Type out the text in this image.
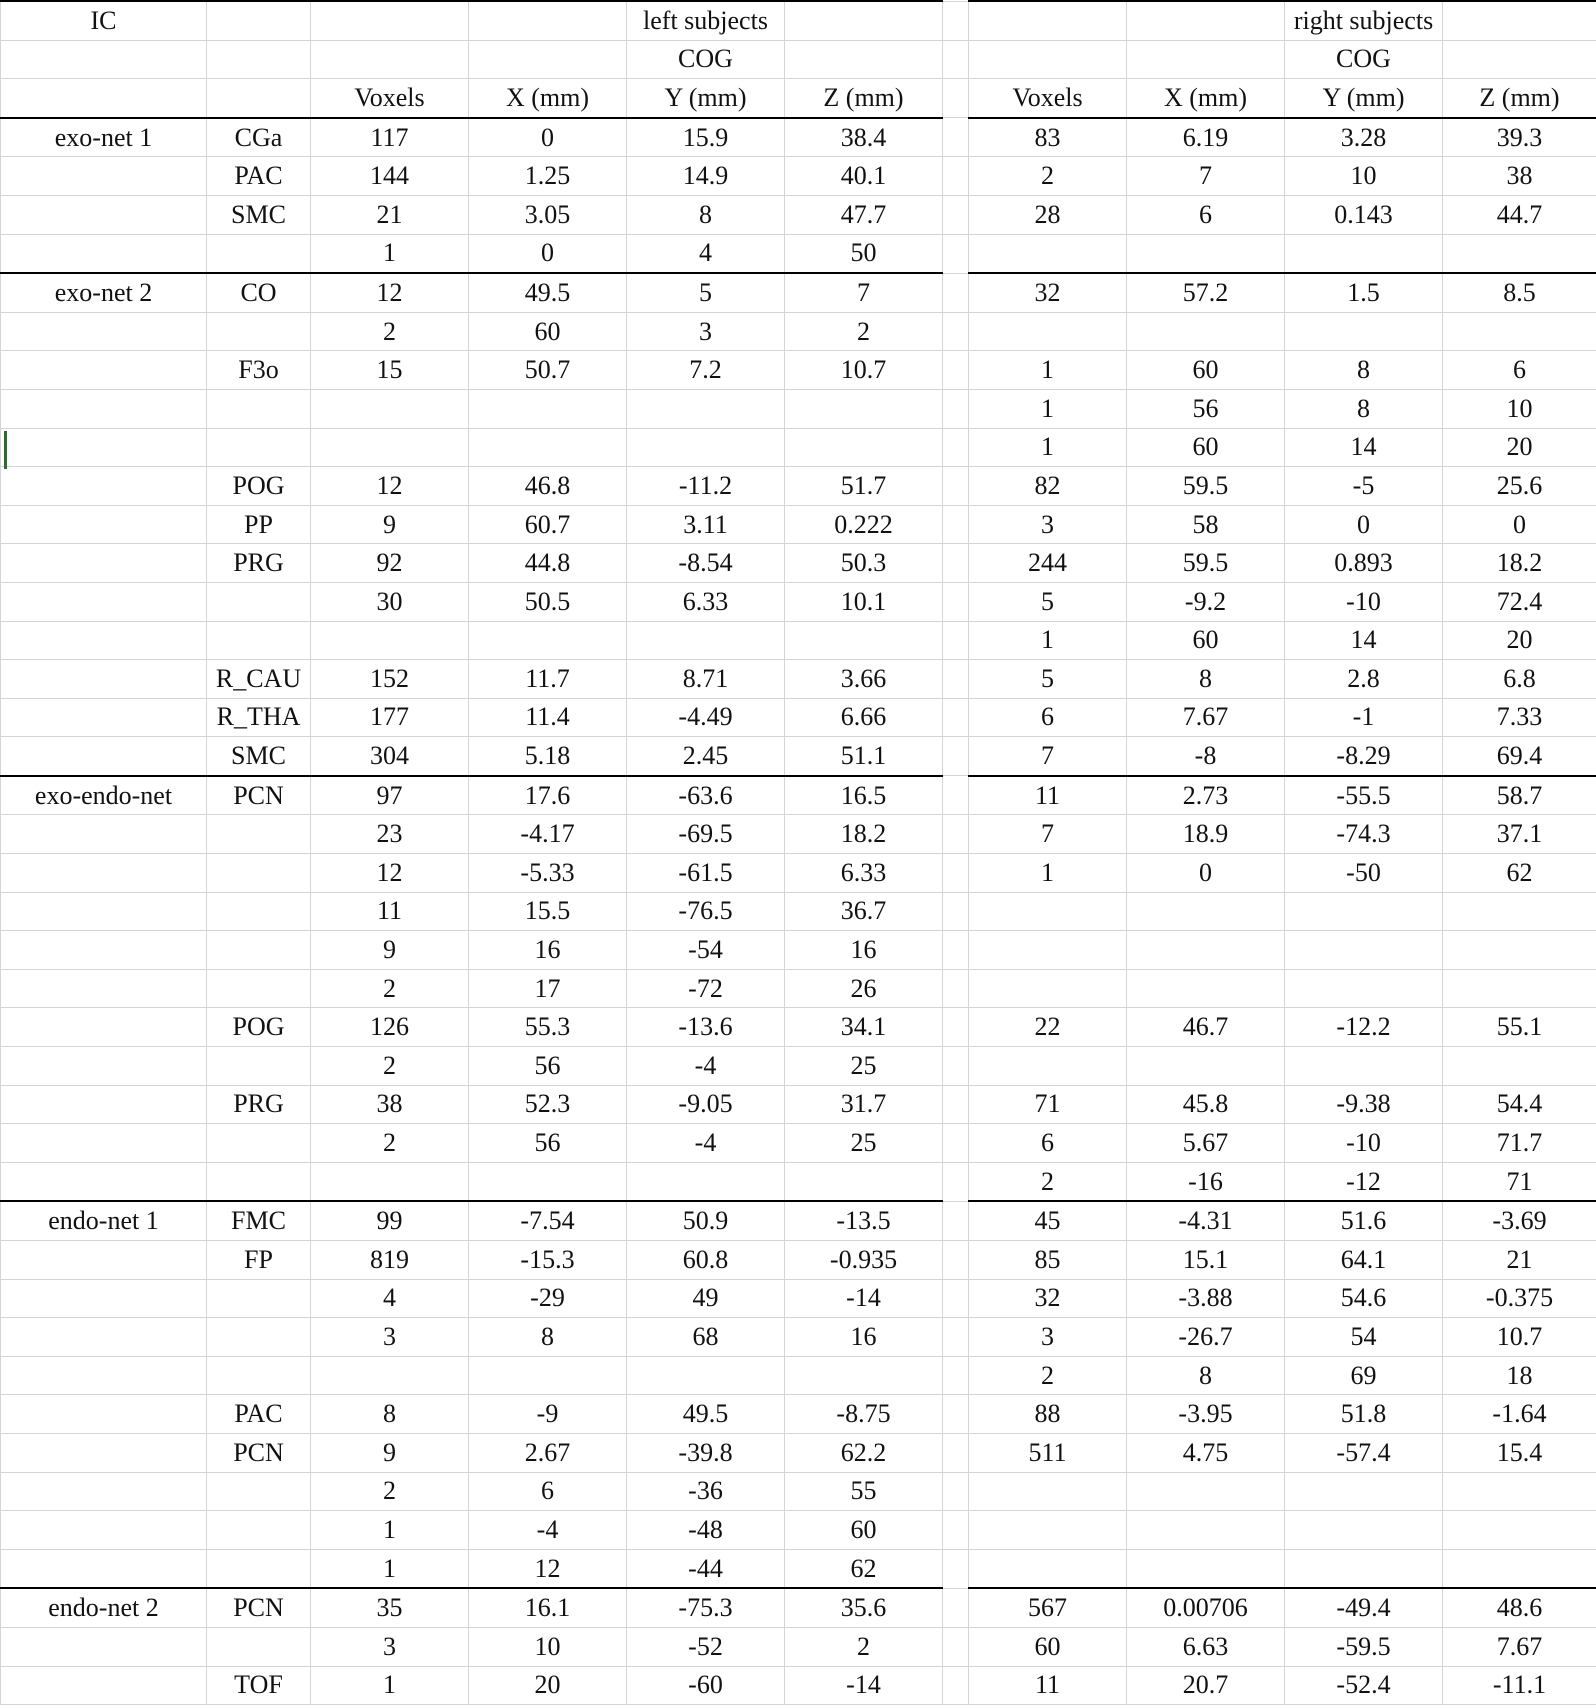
IC				left subjects					right subjects	
				COG					COG	
		Voxels	X (mm)	Y (mm)	Z (mm)		Voxels	X (mm)	Y (mm)	Z (mm)
exo-net 1	CGa	117	0	15.9	38.4		83	6.19	3.28	39.3
	PAC	144	1.25	14.9	40.1		2	7	10	38
	SMC	21	3.05	8	47.7		28	6	0.143	44.7
		1	0	4	50					
exo-net 2	CO	12	49.5	5	7		32	57.2	1.5	8.5
		2	60	3	2					
	F3o	15	50.7	7.2	10.7		1	60	8	6
							1	56	8	10
							1	60	14	20
	POG	12	46.8	-11.2	51.7		82	59.5	-5	25.6
	PP	9	60.7	3.11	0.222		3	58	0	0
	PRG	92	44.8	-8.54	50.3		244	59.5	0.893	18.2
		30	50.5	6.33	10.1		5	-9.2	-10	72.4
							1	60	14	20
	R_CAU	152	11.7	8.71	3.66		5	8	2.8	6.8
	R_THA	177	11.4	-4.49	6.66		6	7.67	-1	7.33
	SMC	304	5.18	2.45	51.1		7	-8	-8.29	69.4
exo-endo-net	PCN	97	17.6	-63.6	16.5		11	2.73	-55.5	58.7
		23	-4.17	-69.5	18.2		7	18.9	-74.3	37.1
		12	-5.33	-61.5	6.33		1	0	-50	62
		11	15.5	-76.5	36.7					
		9	16	-54	16					
		2	17	-72	26					
	POG	126	55.3	-13.6	34.1		22	46.7	-12.2	55.1
		2	56	-4	25					
	PRG	38	52.3	-9.05	31.7		71	45.8	-9.38	54.4
		2	56	-4	25		6	5.67	-10	71.7
							2	-16	-12	71
endo-net 1	FMC	99	-7.54	50.9	-13.5		45	-4.31	51.6	-3.69
	FP	819	-15.3	60.8	-0.935		85	15.1	64.1	21
		4	-29	49	-14		32	-3.88	54.6	-0.375
		3	8	68	16		3	-26.7	54	10.7
							2	8	69	18
	PAC	8	-9	49.5	-8.75		88	-3.95	51.8	-1.64
	PCN	9	2.67	-39.8	62.2		511	4.75	-57.4	15.4
		2	6	-36	55					
		1	-4	-48	60					
		1	12	-44	62					
endo-net 2	PCN	35	16.1	-75.3	35.6		567	0.00706	-49.4	48.6
		3	10	-52	2		60	6.63	-59.5	7.67
	TOF	1	20	-60	-14		11	20.7	-52.4	-11.1
